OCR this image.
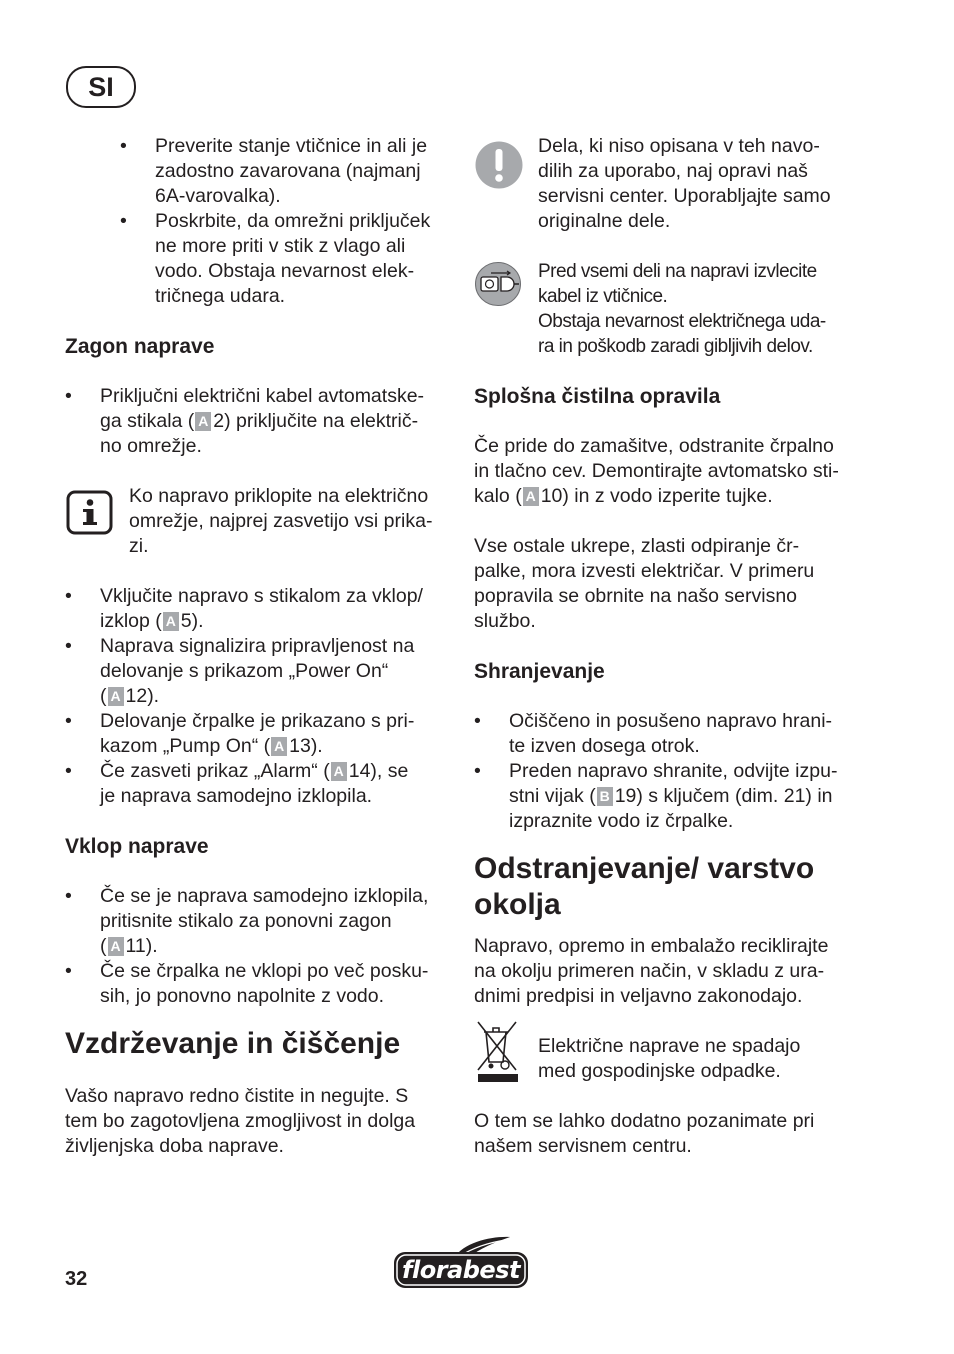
SI
• Preverite stanje vtičnice in ali je

zadostno zavarovana (najmanj

6A-varovalka).

• Poskrbite, da omrežni priključek

ne more priti v stik z vlago ali

vodo. Obstaja nevarnost elek-

tričnega udara.

Zagon naprave
• Priključni električni kabel avtomatske-

ga stikala ( A 2) priključite na električ-

no omrežje.

Ko napravo priklopite na električno

omrežje, najprej zasvetijo vsi prika-

zi.

• Vključite napravo s stikalom za vklop/

izklop ( A 5).

• Naprava signalizira pripravljenost na

delovanje s prikazom „Power On“

( A 12).

• Delovanje črpalke je prikazano s pri-

kazom „Pump On“ ( A 13).

• Če zasveti prikaz „Alarm“ ( A 14), se

je naprava samodejno izklopila.

Vklop naprave
• Če se je naprava samodejno izklopila,

pritisnite stikalo za ponovni zagon

( A 11).

• Če se črpalka ne vklopi po več posku-

sih, jo ponovno napolnite z vodo.

Vzdrževanje in čiščenje

Vašo napravo redno čistite in negujte. S

tem bo zagotovljena zmogljivost in dolga

življenjska doba naprave.

Dela, ki niso opisana v teh navo-

dilih za uporabo, naj opravi naš

servisni center. Uporabljajte samo

originalne dele.

Pred vsemi deli na napravi izvlecite

kabel iz vtičnice.

Obstaja nevarnost električnega uda-

ra in poškodb zaradi gibljivih delov.

Splošna čistilna opravila

Če pride do zamašitve, odstranite črpalno

in tlačno cev. Demontirajte avtomatsko sti-

kalo ( A 10) in z vodo izperite tujke.

Vse ostale ukrepe, zlasti odpiranje čr-

palke, mora izvesti električar. V primeru

popravila se obrnite na našo servisno

službo.

Shranjevanje
• Očiščeno in posušeno napravo hrani-

te izven dosega otrok.

• Preden napravo shranite, odvijte izpu-

stni vijak ( B 19) s ključem (dim. 21) in

izpraznite vodo iz črpalke.

Odstranjevanje/ varstvo
okolja

Napravo, opremo in embalažo reciklirajte

na okolju primeren način, v skladu z ura-

dnimi predpisi in veljavno zakonodajo.

Električne naprave ne spadajo

med gospodinjske odpadke.

O tem se lahko dodatno pozanimate pri

našem servisnem centru.

32	florabest
